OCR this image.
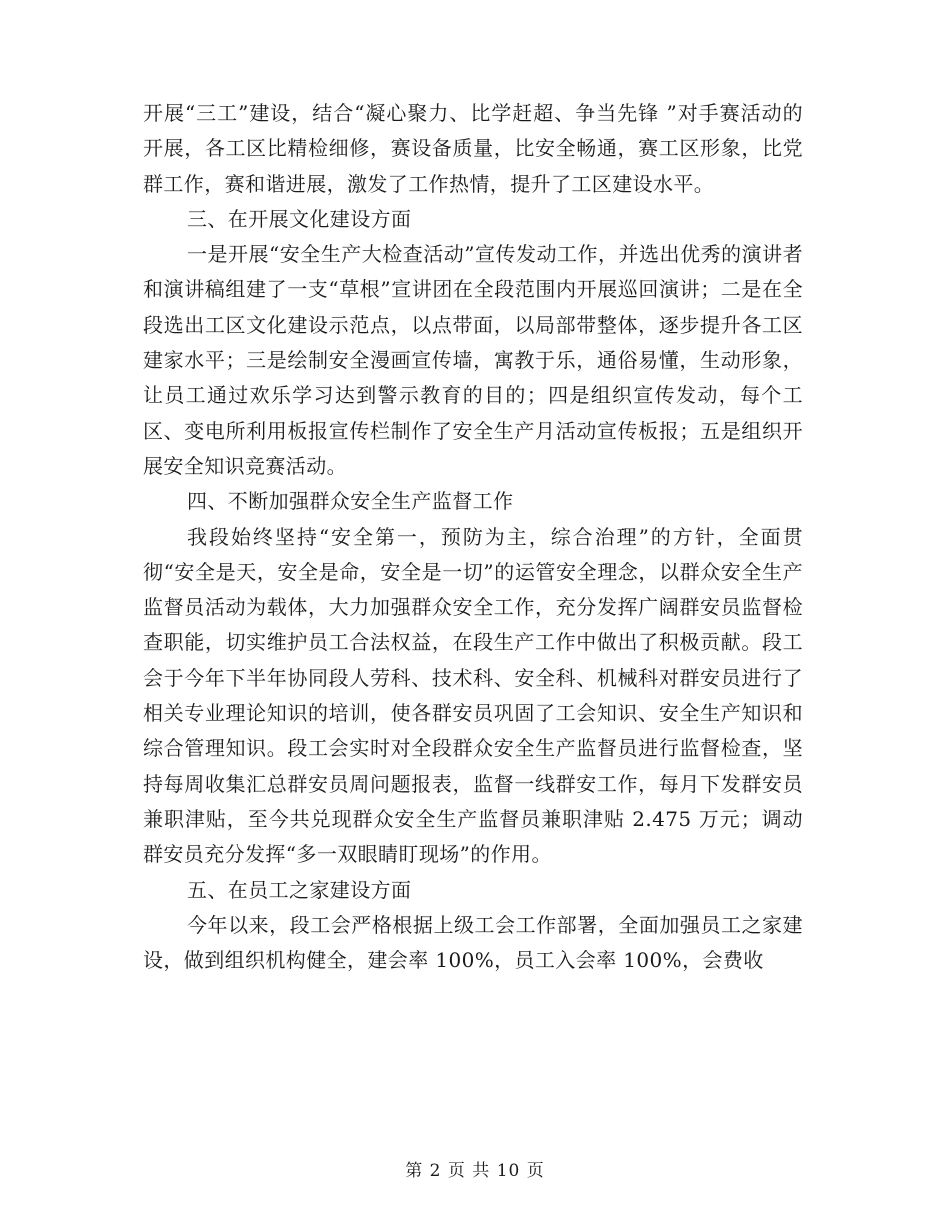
开展“三工”建设，结合“凝心聚力、比学赶超、争当先锋 ”对手赛活动的开展，各工区比精检细修，赛设备质量，比安全畅通，赛工区形象，比党群工作，赛和谐进展，激发了工作热情，提升了工区建设水平。

三、在开展文化建设方面

一是开展“安全生产大检查活动”宣传发动工作，并选出优秀的演讲者和演讲稿组建了一支“草根”宣讲团在全段范围内开展巡回演讲；二是在全段选出工区文化建设示范点，以点带面，以局部带整体，逐步提升各工区建家水平；三是绘制安全漫画宣传墙，寓教于乐，通俗易懂，生动形象，让员工通过欢乐学习达到警示教育的目的；四是组织宣传发动，每个工区、变电所利用板报宣传栏制作了安全生产月活动宣传板报；五是组织开展安全知识竞赛活动。

四、不断加强群众安全生产监督工作

我段始终坚持“安全第一，预防为主，综合治理”的方针，全面贯彻“安全是天，安全是命，安全是一切”的运管安全理念，以群众安全生产监督员活动为载体，大力加强群众安全工作，充分发挥广阔群安员监督检查职能，切实维护员工合法权益，在段生产工作中做出了积极贡献。段工会于今年下半年协同段人劳科、技术科、安全科、机械科对群安员进行了相关专业理论知识的培训，使各群安员巩固了工会知识、安全生产知识和综合管理知识。段工会实时对全段群众安全生产监督员进行监督检查，坚持每周收集汇总群安员周问题报表，监督一线群安工作，每月下发群安员兼职津贴，至今共兑现群众安全生产监督员兼职津贴 2.475 万元；调动群安员充分发挥“多一双眼睛盯现场”的作用。

五、在员工之家建设方面

今年以来，段工会严格根据上级工会工作部署，全面加强员工之家建设，做到组织机构健全，建会率 100%，员工入会率 100%，会费收

第 2 页 共 10 页
